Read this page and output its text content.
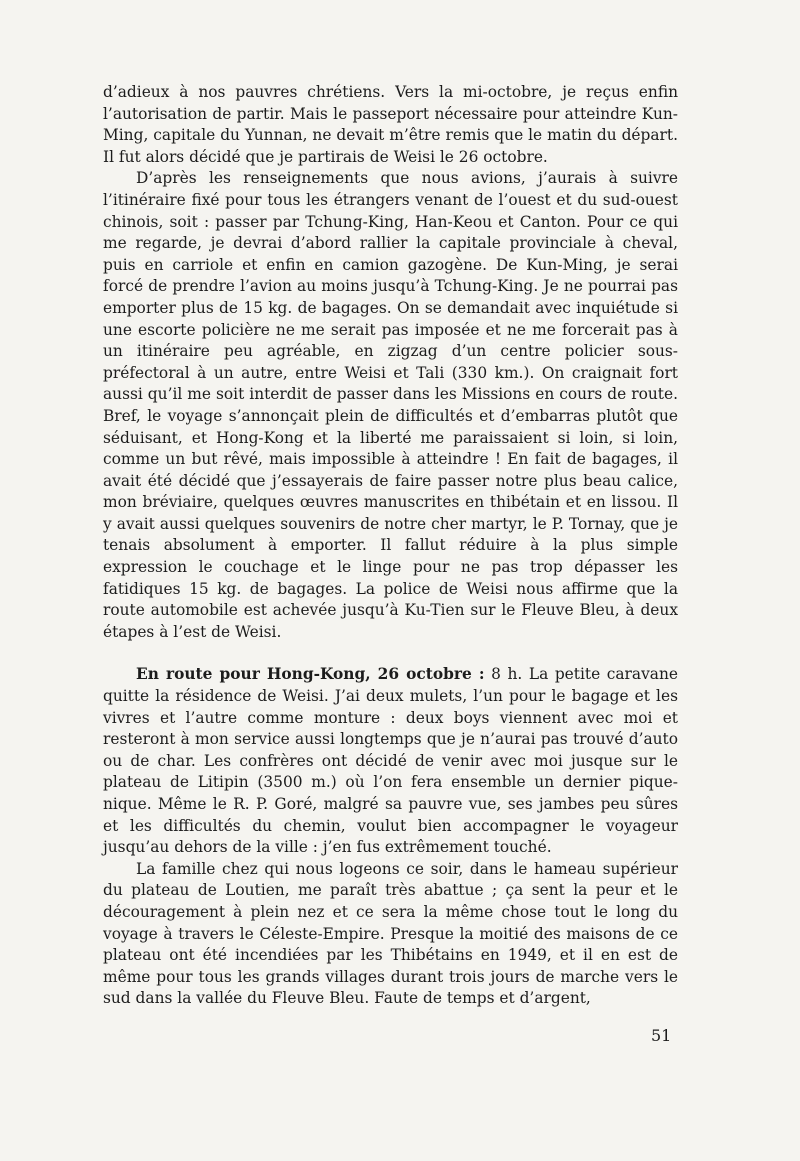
d’adieux à nos pauvres chrétiens. Vers la mi-octobre, je reçus enfin l’autorisation de partir. Mais le passeport nécessaire pour atteindre Kun-Ming, capitale du Yunnan, ne devait m’être remis que le matin du départ. Il fut alors décidé que je partirais de Weisi le 26 octobre.

D’après les renseignements que nous avions, j’aurais à suivre l’itinéraire fixé pour tous les étrangers venant de l’ouest et du sud-ouest chinois, soit : passer par Tchung-King, Han-Keou et Canton. Pour ce qui me regarde, je devrai d’abord rallier la capitale provinciale à cheval, puis en carriole et enfin en camion gazogène. De Kun-Ming, je serai forcé de prendre l’avion au moins jusqu’à Tchung-King. Je ne pourrai pas emporter plus de 15 kg. de bagages. On se demandait avec inquiétude si une escorte policière ne me serait pas imposée et ne me forcerait pas à un itinéraire peu agréable, en zigzag d’un centre policier sous-préfectoral à un autre, entre Weisi et Tali (330 km.). On craignait fort aussi qu’il me soit interdit de passer dans les Missions en cours de route. Bref, le voyage s’annonçait plein de difficultés et d’embarras plutôt que séduisant, et Hong-Kong et la liberté me paraissaient si loin, si loin, comme un but rêvé, mais impossible à atteindre ! En fait de bagages, il avait été décidé que j’essayerais de faire passer notre plus beau calice, mon bréviaire, quelques œuvres manuscrites en thibétain et en lissou. Il y avait aussi quelques souvenirs de notre cher martyr, le P. Tornay, que je tenais absolument à emporter. Il fallut réduire à la plus simple expression le couchage et le linge pour ne pas trop dépasser les fatidiques 15 kg. de bagages. La police de Weisi nous affirme que la route automobile est achevée jusqu’à Ku-Tien sur le Fleuve Bleu, à deux étapes à l’est de Weisi.

En route pour Hong-Kong, 26 octobre : 8 h. La petite caravane quitte la résidence de Weisi. J’ai deux mulets, l’un pour le bagage et les vivres et l’autre comme monture : deux boys viennent avec moi et resteront à mon service aussi longtemps que je n’aurai pas trouvé d’auto ou de char. Les confrères ont décidé de venir avec moi jusque sur le plateau de Litipin (3500 m.) où l’on fera ensemble un dernier pique-nique. Même le R. P. Goré, malgré sa pauvre vue, ses jambes peu sûres et les difficultés du chemin, voulut bien accompagner le voyageur jusqu’au dehors de la ville : j’en fus extrêmement touché.

La famille chez qui nous logeons ce soir, dans le hameau supérieur du plateau de Loutien, me paraît très abattue ; ça sent la peur et le découragement à plein nez et ce sera la même chose tout le long du voyage à travers le Céleste-Empire. Presque la moitié des maisons de ce plateau ont été incendiées par les Thibétains en 1949, et il en est de même pour tous les grands villages durant trois jours de marche vers le sud dans la vallée du Fleuve Bleu. Faute de temps et d’argent,

51
